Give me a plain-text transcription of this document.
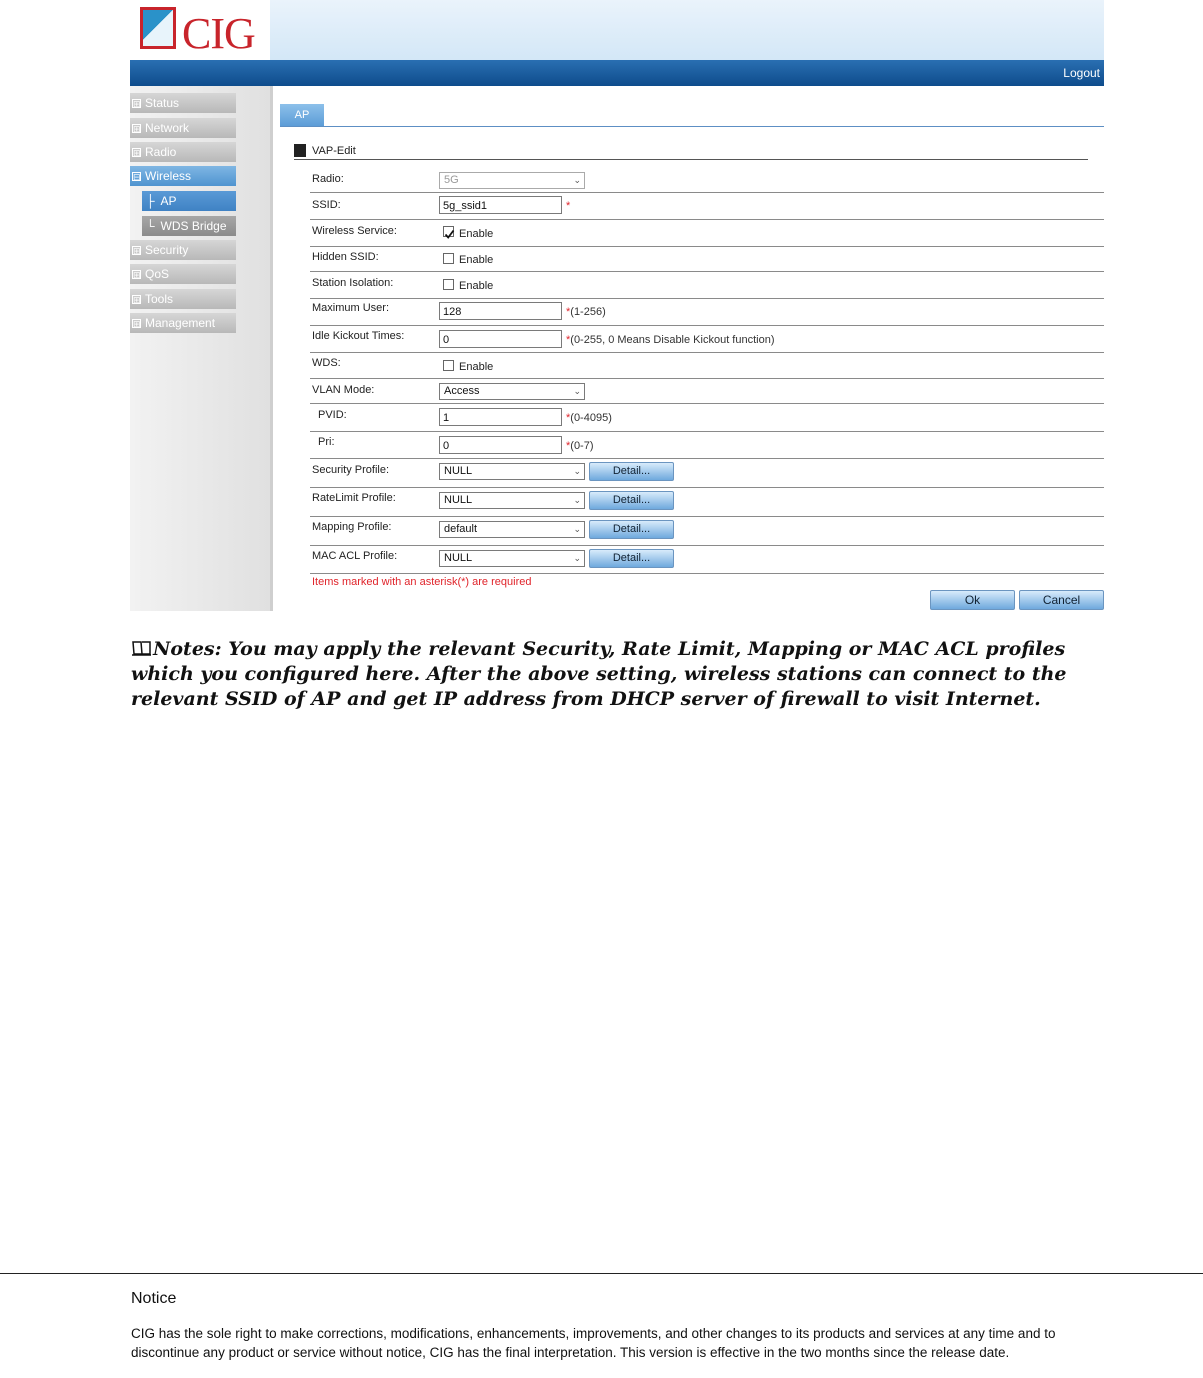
CIG
Logout
⊞ Status
⊞ Network
⊞ Radio
⊟ Wireless
├ AP
└ WDS Bridge
⊞ Security
⊞ QoS
⊞ Tools
⊞ Management
AP
VAP-Edit
Radio:	5G	⌄
SSID:	5g_ssid1	*
Wireless Service:	Enable
Hidden SSID:	Enable
Station Isolation:	Enable
Maximum User:	128	*(1-256)
Idle Kickout Times:	0	*(0-255, 0 Means Disable Kickout function)
WDS:	Enable
VLAN Mode:	Access	⌄
PVID:	1	*(0-4095)
Pri:	0	*(0-7)
Security Profile:	NULL	⌄	Detail...
RateLimit Profile:	NULL	⌄	Detail...
Mapping Profile:	default	⌄	Detail...
MAC ACL Profile:	NULL	⌄	Detail...
Items marked with an asterisk(*) are required
Ok	Cancel
Notes: You may apply the relevant Security, Rate Limit, Mapping or MAC ACL profiles which you configured here. After the above setting, wireless stations can connect to the relevant SSID of AP and get IP address from DHCP server of firewall to visit Internet.
Notice
CIG has the sole right to make corrections, modifications, enhancements, improvements, and other changes to its products and services at any time and to discontinue any product or service without notice, CIG has the final interpretation. This version is effective in the two months since the release date.
